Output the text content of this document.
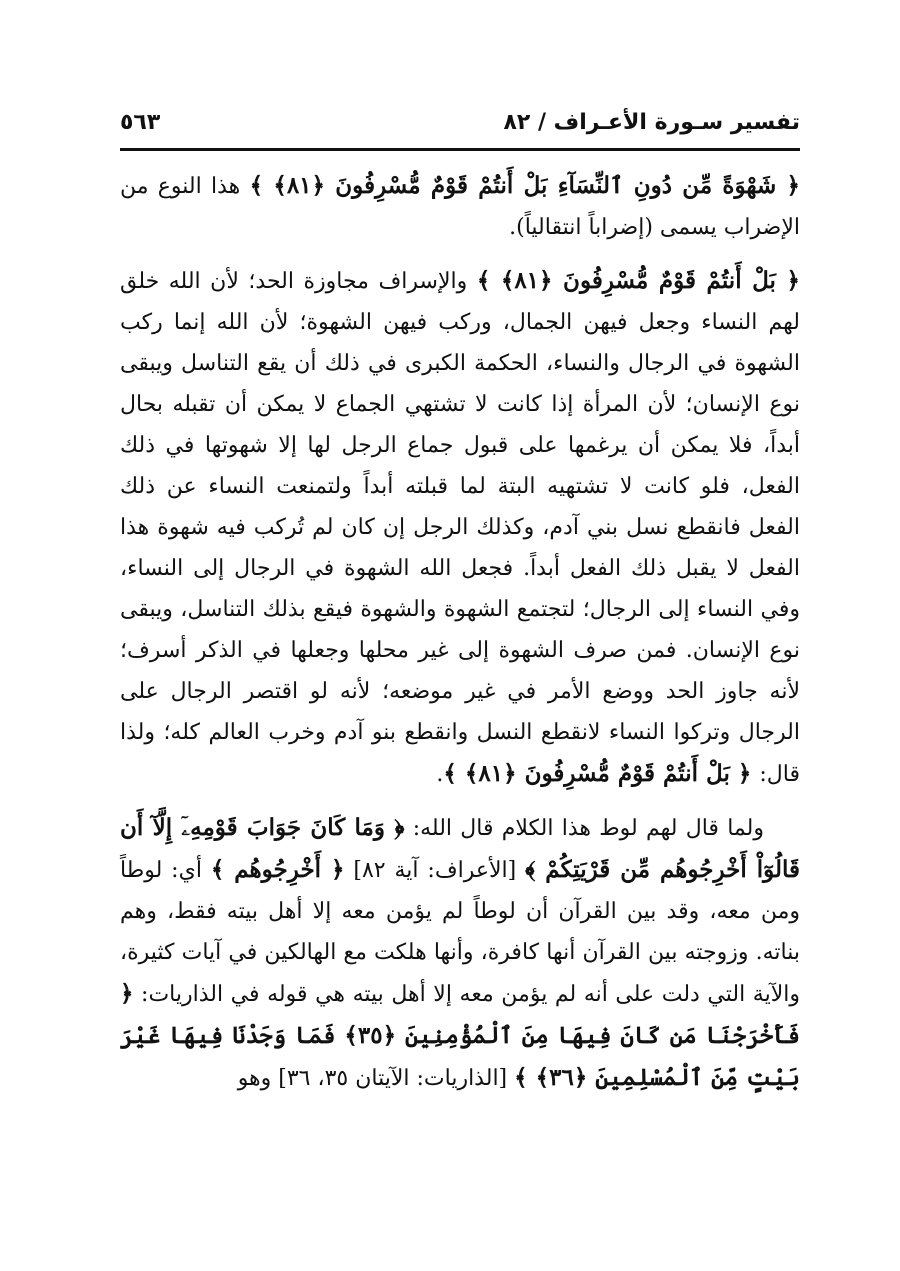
تفسير سـورة الأعـراف / ٨٢
٥٦٣

﴿ شَهْوَةً مِّن دُونِ ٱلنِّسَآءِ بَلْ أَنتُمْ قَوْمٌ مُّسْرِفُونَ ﴿٨١﴾ ﴾ هذا النوع من الإضراب يسمى (إضراباً انتقالياً).

﴿ بَلْ أَنتُمْ قَوْمٌ مُّسْرِفُونَ ﴿٨١﴾ ﴾ والإسراف مجاوزة الحد؛ لأن الله خلق لهم النساء وجعل فيهن الجمال، وركب فيهن الشهوة؛ لأن الله إنما ركب الشهوة في الرجال والنساء، الحكمة الكبرى في ذلك أن يقع التناسل ويبقى نوع الإنسان؛ لأن المرأة إذا كانت لا تشتهي الجماع لا يمكن أن تقبله بحال أبداً، فلا يمكن أن يرغمها على قبول جماع الرجل لها إلا شهوتها في ذلك الفعل، فلو كانت لا تشتهيه البتة لما قبلته أبداً ولتمنعت النساء عن ذلك الفعل فانقطع نسل بني آدم، وكذلك الرجل إن كان لم تُركب فيه شهوة هذا الفعل لا يقبل ذلك الفعل أبداً. فجعل الله الشهوة في الرجال إلى النساء، وفي النساء إلى الرجال؛ لتجتمع الشهوة والشهوة فيقع بذلك التناسل، ويبقى نوع الإنسان. فمن صرف الشهوة إلى غير محلها وجعلها في الذكر أسرف؛ لأنه جاوز الحد ووضع الأمر في غير موضعه؛ لأنه لو اقتصر الرجال على الرجال وتركوا النساء لانقطع النسل وانقطع بنو آدم وخرب العالم كله؛ ولذا قال: ﴿ بَلْ أَنتُمْ قَوْمٌ مُّسْرِفُونَ ﴿٨١﴾ ﴾.

ولما قال لهم لوط هذا الكلام قال الله: ﴿ وَمَا كَانَ جَوَابَ قَوْمِهِۦٓ إِلَّآ أَن قَالُوٓاْ أَخْرِجُوهُم مِّن قَرْيَتِكُمْ ﴾ [الأعراف: آية ٨٢] ﴿ أَخْرِجُوهُم ﴾ أي: لوطاً ومن معه، وقد بين القرآن أن لوطاً لم يؤمن معه إلا أهل بيته فقط، وهم بناته. وزوجته بين القرآن أنها كافرة، وأنها هلكت مع الهالكين في آيات كثيرة، والآية التي دلت على أنه لم يؤمن معه إلا أهل بيته هي قوله في الذاريات: ﴿ فَأَخْرَجْنَا مَن كَانَ فِيهَا مِنَ ٱلْمُؤْمِنِينَ ﴿٣٥﴾ فَمَا وَجَدْنَا فِيهَا غَيْرَ بَيْتٍ مِّنَ ٱلْمُسْلِمِينَ ﴿٣٦﴾ ﴾ [الذاريات: الآيتان ٣٥، ٣٦] وهو
